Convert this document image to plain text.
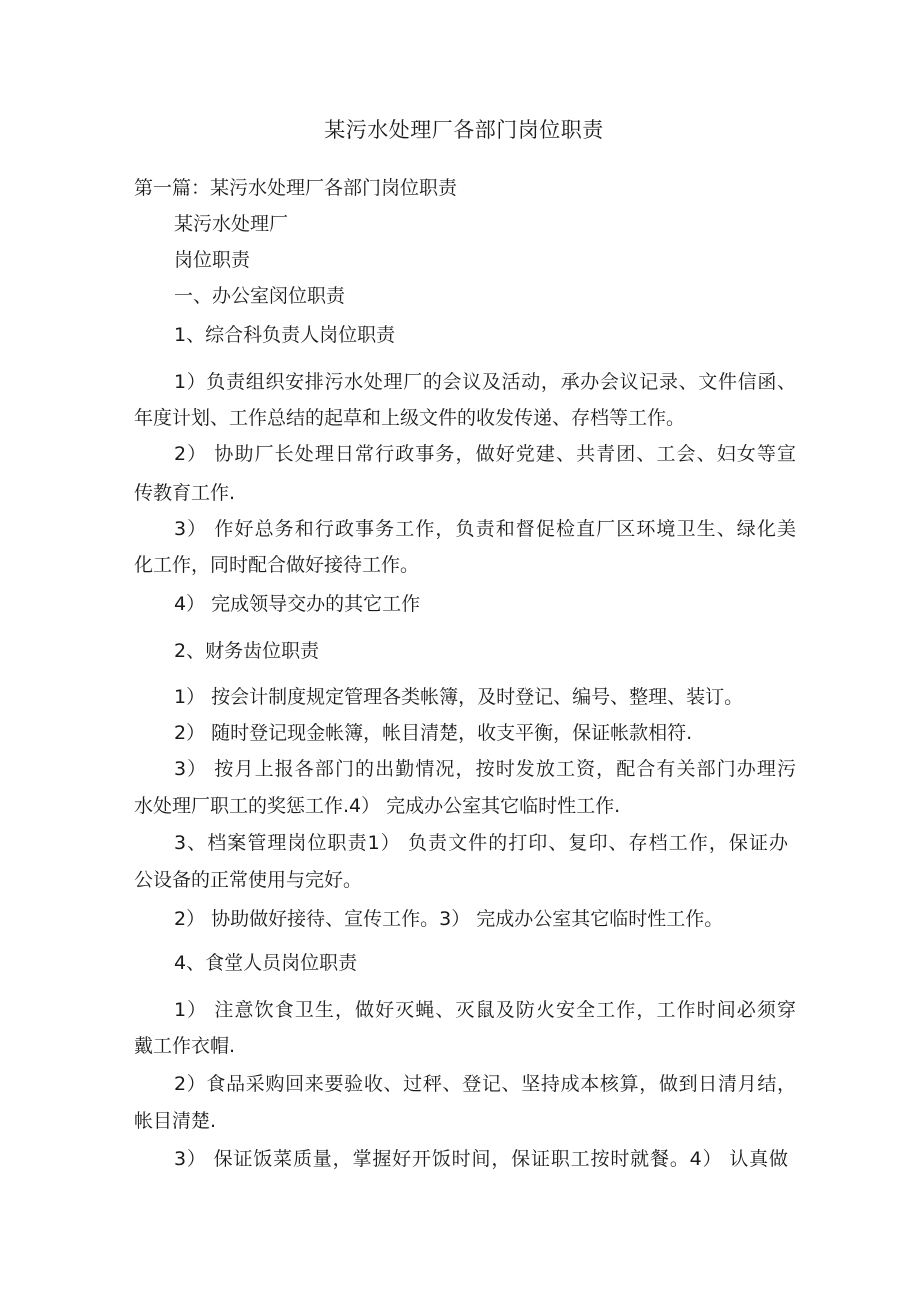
某污水处理厂各部门岗位职责
第一篇：某污水处理厂各部门岗位职责
某污水处理厂
岗位职责
一、办公室闵位职责
1、综合科负责人岗位职责
1）负责组织安排污水处理厂的会议及活动，承办会议记录、文件信函、
年度计划、工作总结的起草和上级文件的收发传递、存档等工作。
2） 协助厂长处理日常行政事务，做好党建、共青团、工会、妇女等宣
传教育工作.
3） 作好总务和行政事务工作，负责和督促检直厂区环境卫生、绿化美
化工作，同时配合做好接待工作。
4） 完成领导交办的其它工作
2、财务齿位职责
1） 按会计制度规定管理各类帐簿，及时登记、编号、整理、装订。
2） 随时登记现金帐簿，帐目清楚，收支平衡，保证帐款相符.
3） 按月上报各部门的出勤情况，按时发放工资，配合有关部门办理污
水处理厂职工的奖惩工作.4） 完成办公室其它临时性工作.
3、档案管理岗位职责1） 负责文件的打印、复印、存档工作，保证办
公设备的正常使用与完好。
2） 协助做好接待、宣传工作。3） 完成办公室其它临时性工作。
4、食堂人员岗位职责
1） 注意饮食卫生，做好灭蝇、灭鼠及防火安全工作，工作时间必须穿
戴工作衣帽.
2）食品采购回来要验收、过秤、登记、坚持成本核算，做到日清月结，
帐目清楚.
3） 保证饭菜质量，掌握好开饭时间，保证职工按时就餐。4） 认真做
